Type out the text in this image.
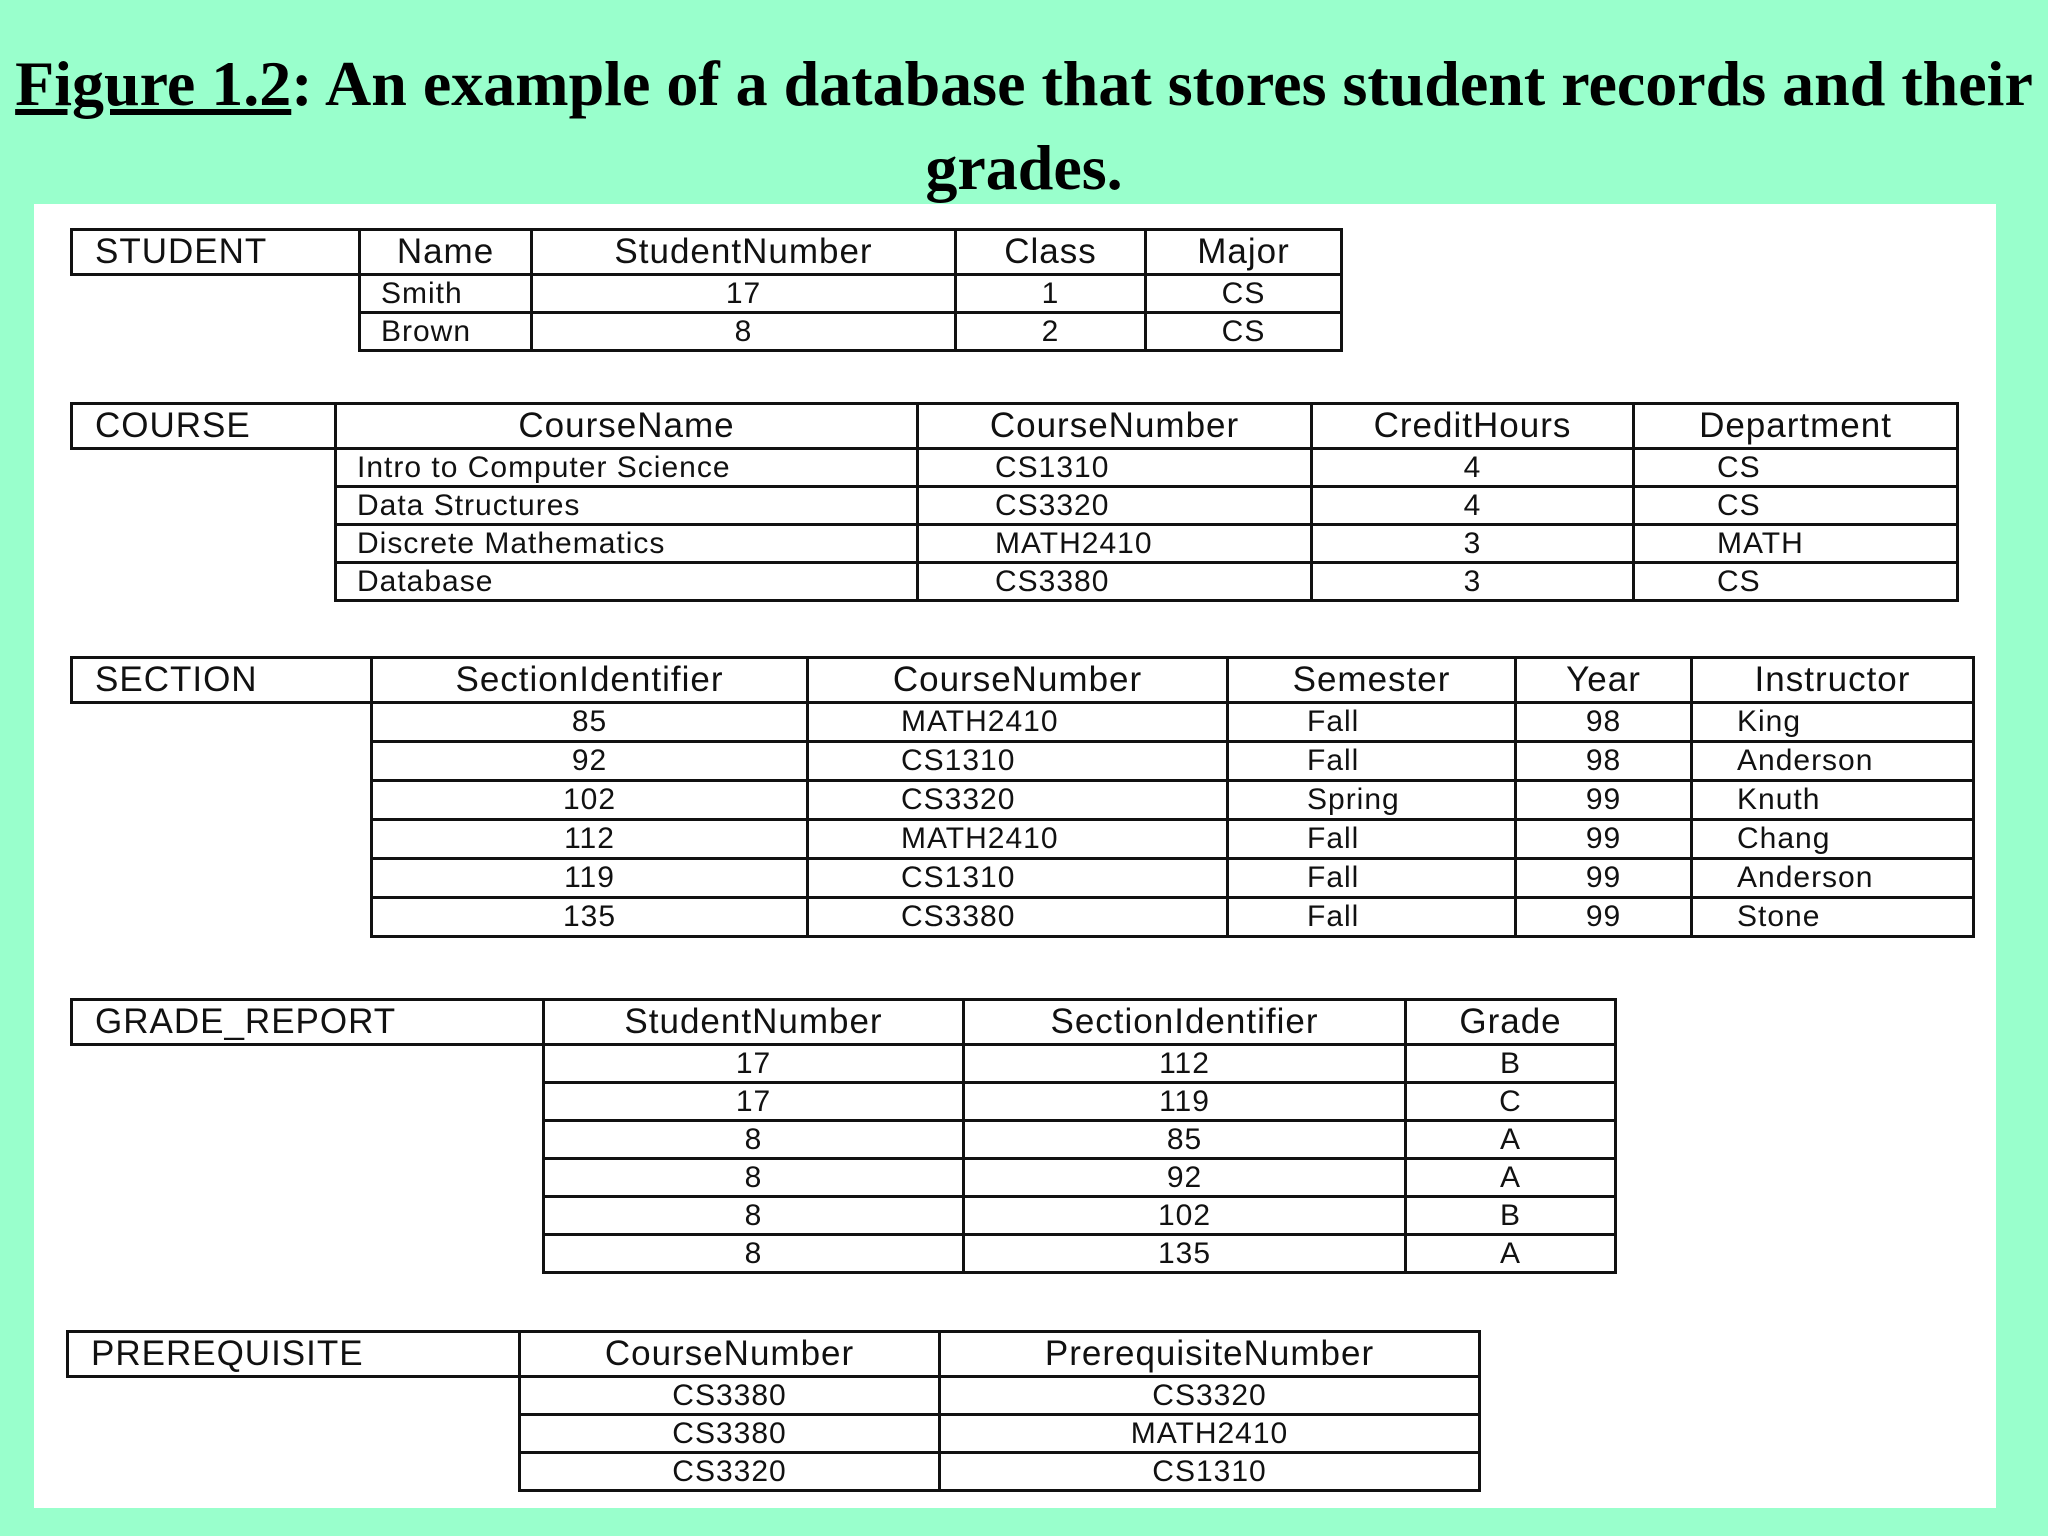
Figure 1.2: An example of a database that stores student records and their grades.
STUDENT	Name	StudentNumber	Class	Major
	Smith	17	1	CS
	Brown	8	2	CS
COURSE	CourseName	CourseNumber	CreditHours	Department
	Intro to Computer Science	CS1310	4	CS
	Data Structures	CS3320	4	CS
	Discrete Mathematics	MATH2410	3	MATH
	Database	CS3380	3	CS
SECTION	SectionIdentifier	CourseNumber	Semester	Year	Instructor
	85	MATH2410	Fall	98	King
	92	CS1310	Fall	98	Anderson
	102	CS3320	Spring	99	Knuth
	112	MATH2410	Fall	99	Chang
	119	CS1310	Fall	99	Anderson
	135	CS3380	Fall	99	Stone
GRADE_REPORT	StudentNumber	SectionIdentifier	Grade
	17	112	B
	17	119	C
	8	85	A
	8	92	A
	8	102	B
	8	135	A
PREREQUISITE	CourseNumber	PrerequisiteNumber
	CS3380	CS3320
	CS3380	MATH2410
	CS3320	CS1310
